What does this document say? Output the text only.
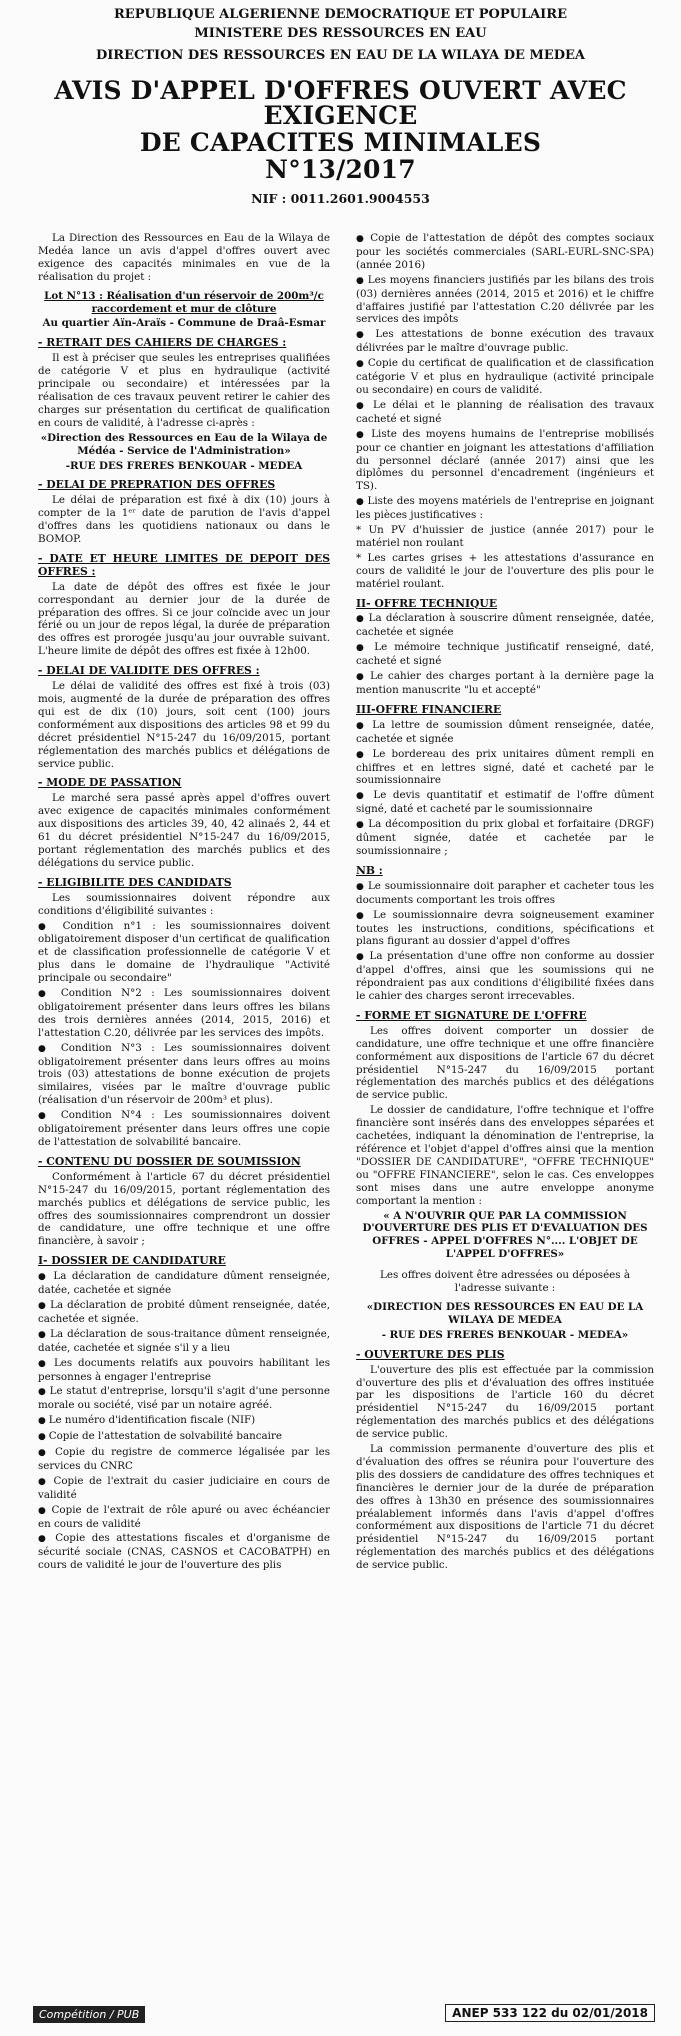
REPUBLIQUE ALGERIENNE DEMOCRATIQUE ET POPULAIRE
MINISTERE DES RESSOURCES EN EAU
DIRECTION DES RESSOURCES EN EAU DE LA WILAYA DE MEDEA
AVIS D'APPEL D'OFFRES OUVERT AVEC EXIGENCE
DE CAPACITES MINIMALES
N°13/2017
NIF : 0011.2601.9004553

La Direction des Ressources en Eau de la Wilaya de Medéa lance un avis d'appel d'offres ouvert avec exigence des capacités minimales en vue de la réalisation du projet :

Lot N°13 : Réalisation d'un réservoir de 200m³/c raccordement et mur de clôture

Au quartier Aïn-Araïs - Commune de Draâ-Esmar

- RETRAIT DES CAHIERS DE CHARGES :

Il est à préciser que seules les entreprises qualifiées de catégorie V et plus en hydraulique (activité principale ou secondaire) et intéressées par la réalisation de ces travaux peuvent retirer le cahier des charges sur présentation du certificat de qualification en cours de validité, à l'adresse ci-après :

«Direction des Ressources en Eau de la Wilaya de Médéa - Service de l'Administration»

-RUE DES FRERES BENKOUAR - MEDEA

- DELAI DE PREPRATION DES OFFRES

Le délai de préparation est fixé à dix (10) jours à compter de la 1ᵉʳ date de parution de l'avis d'appel d'offres dans les quotidiens nationaux ou dans le BOMOP.

- DATE ET HEURE LIMITES DE DEPOIT DES OFFRES :

La date de dépôt des offres est fixée le jour correspondant au dernier jour de la durée de préparation des offres. Si ce jour coïncide avec un jour férié ou un jour de repos légal, la durée de préparation des offres est prorogée jusqu'au jour ouvrable suivant. L'heure limite de dépôt des offres est fixée à 12h00.

- DELAI DE VALIDITE DES OFFRES :

Le délai de validité des offres est fixé à trois (03) mois, augmenté de la durée de préparation des offres qui est de dix (10) jours, soit cent (100) jours conformément aux dispositions des articles 98 et 99 du décret présidentiel N°15-247 du 16/09/2015, portant réglementation des marchés publics et délégations de service public.

- MODE DE PASSATION

Le marché sera passé après appel d'offres ouvert avec exigence de capacités minimales conformément aux dispositions des articles 39, 40, 42 alinaés 2, 44 et 61 du décret présidentiel N°15-247 du 16/09/2015, portant réglementation des marchés publics et des délégations du service public.

- ELIGIBILITE DES CANDIDATS

Les soumissionnaires doivent répondre aux conditions d'éligibilité suivantes :

● Condition n°1 : les soumissionnaires doivent obligatoirement disposer d'un certificat de qualification et de classification professionnelle de catégorie V et plus dans le domaine de l'hydraulique "Activité principale ou secondaire"

● Condition N°2 : Les soumissionnaires doivent obligatoirement présenter dans leurs offres les bilans des trois dernières années (2014, 2015, 2016) et l'attestation C.20, délivrée par les services des impôts.

● Condition N°3 : Les soumissionnaires doivent obligatoirement présenter dans leurs offres au moins trois (03) attestations de bonne exécution de projets similaires, visées par le maître d'ouvrage public (réalisation d'un réservoir de 200m³ et plus).

● Condition N°4 : Les soumissionnaires doivent obligatoirement présenter dans leurs offres une copie de l'attestation de solvabilité bancaire.

- CONTENU DU DOSSIER DE SOUMISSION

Conformément à l'article 67 du décret présidentiel N°15-247 du 16/09/2015, portant réglementation des marchés publics et délégations de service public, les offres des soumissionnaires comprendront un dossier de candidature, une offre technique et une offre financière, à savoir ;

I- DOSSIER DE CANDIDATURE

● La déclaration de candidature dûment renseignée, datée, cachetée et signée

● La déclaration de probité dûment renseignée, datée, cachetée et signée.

● La déclaration de sous-traitance dûment renseignée, datée, cachetée et signée s'il y a lieu

● Les documents relatifs aux pouvoirs habilitant les personnes à engager l'entreprise

● Le statut d'entreprise, lorsqu'il s'agit d'une personne morale ou société, visé par un notaire agréé.

● Le numéro d'identification fiscale (NIF)

● Copie de l'attestation de solvabilité bancaire

● Copie du registre de commerce légalisée par les services du CNRC

● Copie de l'extrait du casier judiciaire en cours de validité

● Copie de l'extrait de rôle apuré ou avec échéancier en cours de validité

● Copie des attestations fiscales et d'organisme de sécurité sociale (CNAS, CASNOS et CACOBATPH) en cours de validité le jour de l'ouverture des plis

● Copie de l'attestation de dépôt des comptes sociaux pour les sociétés commerciales (SARL-EURL-SNC-SPA) (année 2016)

● Les moyens financiers justifiés par les bilans des trois (03) dernières années (2014, 2015 et 2016) et le chiffre d'affaires justifié par l'attestation C.20 délivrée par les services des impôts

● Les attestations de bonne exécution des travaux délivrées par le maître d'ouvrage public.

● Copie du certificat de qualification et de classification catégorie V et plus en hydraulique (activité principale ou secondaire) en cours de validité.

● Le délai et le planning de réalisation des travaux cacheté et signé

● Liste des moyens humains de l'entreprise mobilisés pour ce chantier en joignant les attestations d'affiliation du personnel déclaré (année 2017) ainsi que les diplômes du personnel d'encadrement (ingénieurs et TS).

● Liste des moyens matériels de l'entreprise en joignant les pièces justificatives :

* Un PV d'huissier de justice (année 2017) pour le matériel non roulant

* Les cartes grises + les attestations d'assurance en cours de validité le jour de l'ouverture des plis pour le matériel roulant.

II- OFFRE TECHNIQUE

● La déclaration à souscrire dûment renseignée, datée, cachetée et signée

● Le mémoire technique justificatif renseigné, daté, cacheté et signé

● Le cahier des charges portant à la dernière page la mention manuscrite "lu et accepté"

III-OFFRE FINANCIERE

● La lettre de soumission dûment renseignée, datée, cachetée et signée

● Le bordereau des prix unitaires dûment rempli en chiffres et en lettres signé, daté et cacheté par le soumissionnaire

● Le devis quantitatif et estimatif de l'offre dûment signé, daté et cacheté par le soumissionnaire

● La décomposition du prix global et forfaitaire (DRGF) dûment signée, datée et cachetée par le soumissionnaire ;

NB :

● Le soumissionnaire doit parapher et cacheter tous les documents comportant les trois offres

● Le soumissionnaire devra soigneusement examiner toutes les instructions, conditions, spécifications et plans figurant au dossier d'appel d'offres

● La présentation d'une offre non conforme au dossier d'appel d'offres, ainsi que les soumissions qui ne répondraient pas aux conditions d'éligibilité fixées dans le cahier des charges seront irrecevables.

- FORME ET SIGNATURE DE L'OFFRE

Les offres doivent comporter un dossier de candidature, une offre technique et une offre financière conformément aux dispositions de l'article 67 du décret présidentiel N°15-247 du 16/09/2015 portant réglementation des marchés publics et des délégations de service public.

Le dossier de candidature, l'offre technique et l'offre financière sont insérés dans des enveloppes séparées et cachetées, indiquant la dénomination de l'entreprise, la référence et l'objet d'appel d'offres ainsi que la mention "DOSSIER DE CANDIDATURE", "OFFRE TECHNIQUE" ou "OFFRE FINANCIERE", selon le cas. Ces enveloppes sont mises dans une autre enveloppe anonyme comportant la mention :

« A N'OUVRIR QUE PAR LA COMMISSION D'OUVERTURE DES PLIS ET D'EVALUATION DES OFFRES - APPEL D'OFFRES N°.... L'OBJET DE L'APPEL D'OFFRES»

Les offres doivent être adressées ou déposées à l'adresse suivante :

«DIRECTION DES RESSOURCES EN EAU DE LA WILAYA DE MEDEA

- RUE DES FRERES BENKOUAR - MEDEA»

- OUVERTURE DES PLIS

L'ouverture des plis est effectuée par la commission d'ouverture des plis et d'évaluation des offres instituée par les dispositions de l'article 160 du décret présidentiel N°15-247 du 16/09/2015 portant réglementation des marchés publics et des délégations de service public.

La commission permanente d'ouverture des plis et d'évaluation des offres se réunira pour l'ouverture des plis des dossiers de candidature des offres techniques et financières le dernier jour de la durée de préparation des offres à 13h30 en présence des soumissionnaires préalablement informés dans l'avis d'appel d'offres conformément aux dispositions de l'article 71 du décret présidentiel N°15-247 du 16/09/2015 portant réglementation des marchés publics et des délégations de service public.

Compétition / PUB	ANEP 533 122 du 02/01/2018
